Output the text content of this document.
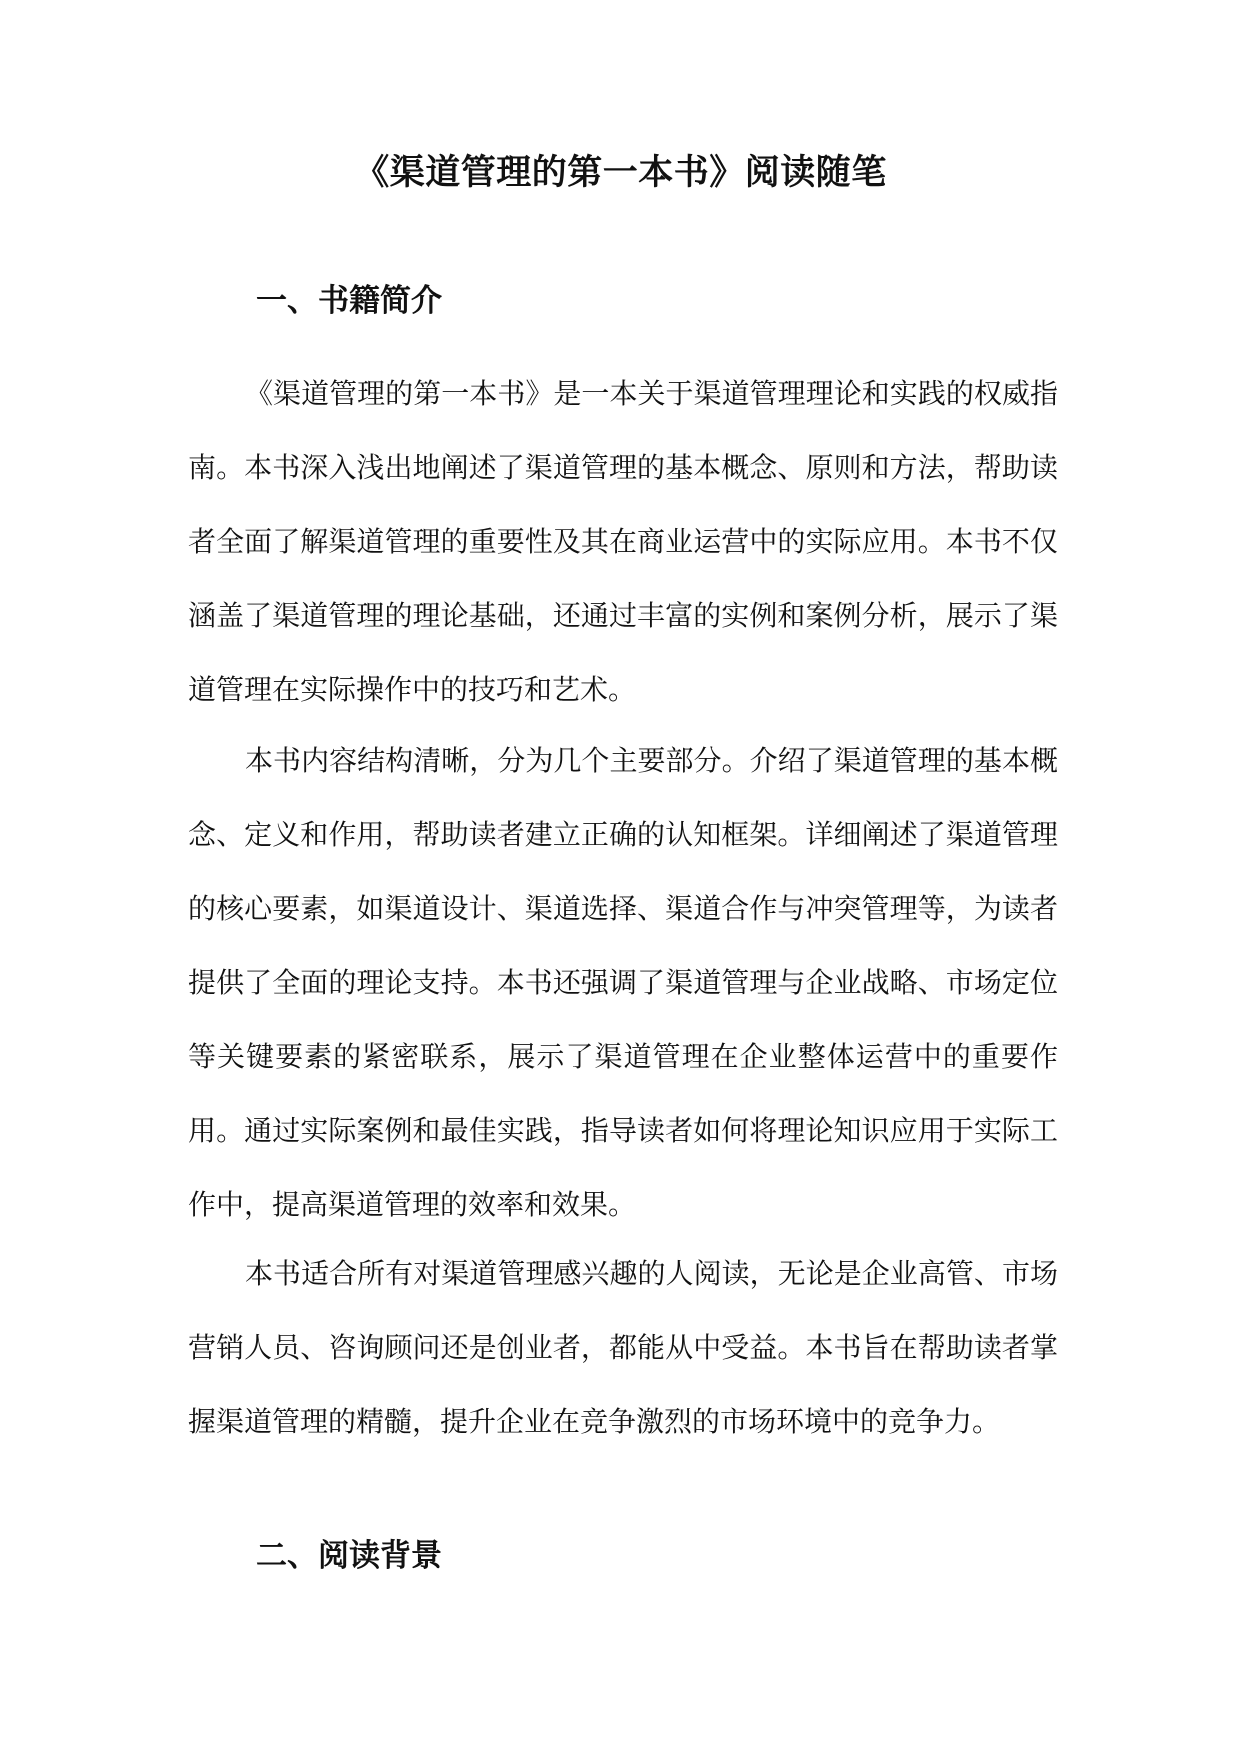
《渠道管理的第一本书》阅读随笔
一、书籍简介

《渠道管理的第一本书》是一本关于渠道管理理论和实践的权威指南。本书深入浅出地阐述了渠道管理的基本概念、原则和方法，帮助读者全面了解渠道管理的重要性及其在商业运营中的实际应用。本书不仅涵盖了渠道管理的理论基础，还通过丰富的实例和案例分析，展示了渠道管理在实际操作中的技巧和艺术。

本书内容结构清晰，分为几个主要部分。介绍了渠道管理的基本概念、定义和作用，帮助读者建立正确的认知框架。详细阐述了渠道管理的核心要素，如渠道设计、渠道选择、渠道合作与冲突管理等，为读者提供了全面的理论支持。本书还强调了渠道管理与企业战略、市场定位等关键要素的紧密联系，展示了渠道管理在企业整体运营中的重要作用。通过实际案例和最佳实践，指导读者如何将理论知识应用于实际工作中，提高渠道管理的效率和效果。

本书适合所有对渠道管理感兴趣的人阅读，无论是企业高管、市场营销人员、咨询顾问还是创业者，都能从中受益。本书旨在帮助读者掌握渠道管理的精髓，提升企业在竞争激烈的市场环境中的竞争力。

二、阅读背景
